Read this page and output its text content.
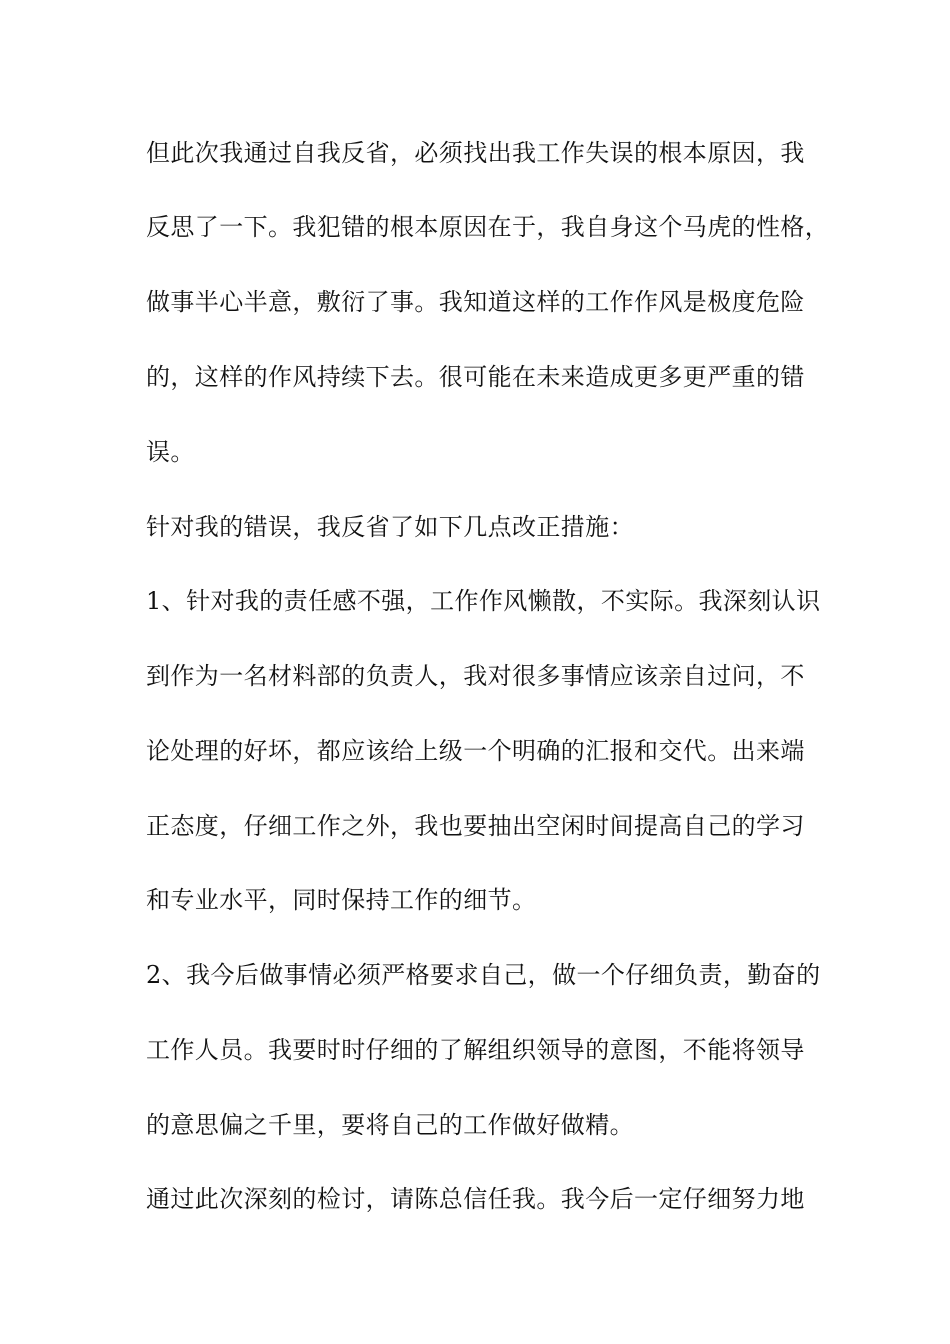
但此次我通过自我反省，必须找出我工作失误的根本原因，我
反思了一下。我犯错的根本原因在于，我自身这个马虎的性格，
做事半心半意，敷衍了事。我知道这样的工作作风是极度危险
的，这样的作风持续下去。很可能在未来造成更多更严重的错
误。
针对我的错误，我反省了如下几点改正措施：
1、针对我的责任感不强，工作作风懒散，不实际。我深刻认识
到作为一名材料部的负责人，我对很多事情应该亲自过问，不
论处理的好坏，都应该给上级一个明确的汇报和交代。出来端
正态度，仔细工作之外，我也要抽出空闲时间提高自己的学习
和专业水平，同时保持工作的细节。
2、我今后做事情必须严格要求自己，做一个仔细负责，勤奋的
工作人员。我要时时仔细的了解组织领导的意图，不能将领导
的意思偏之千里，要将自己的工作做好做精。
通过此次深刻的检讨，请陈总信任我。我今后一定仔细努力地
